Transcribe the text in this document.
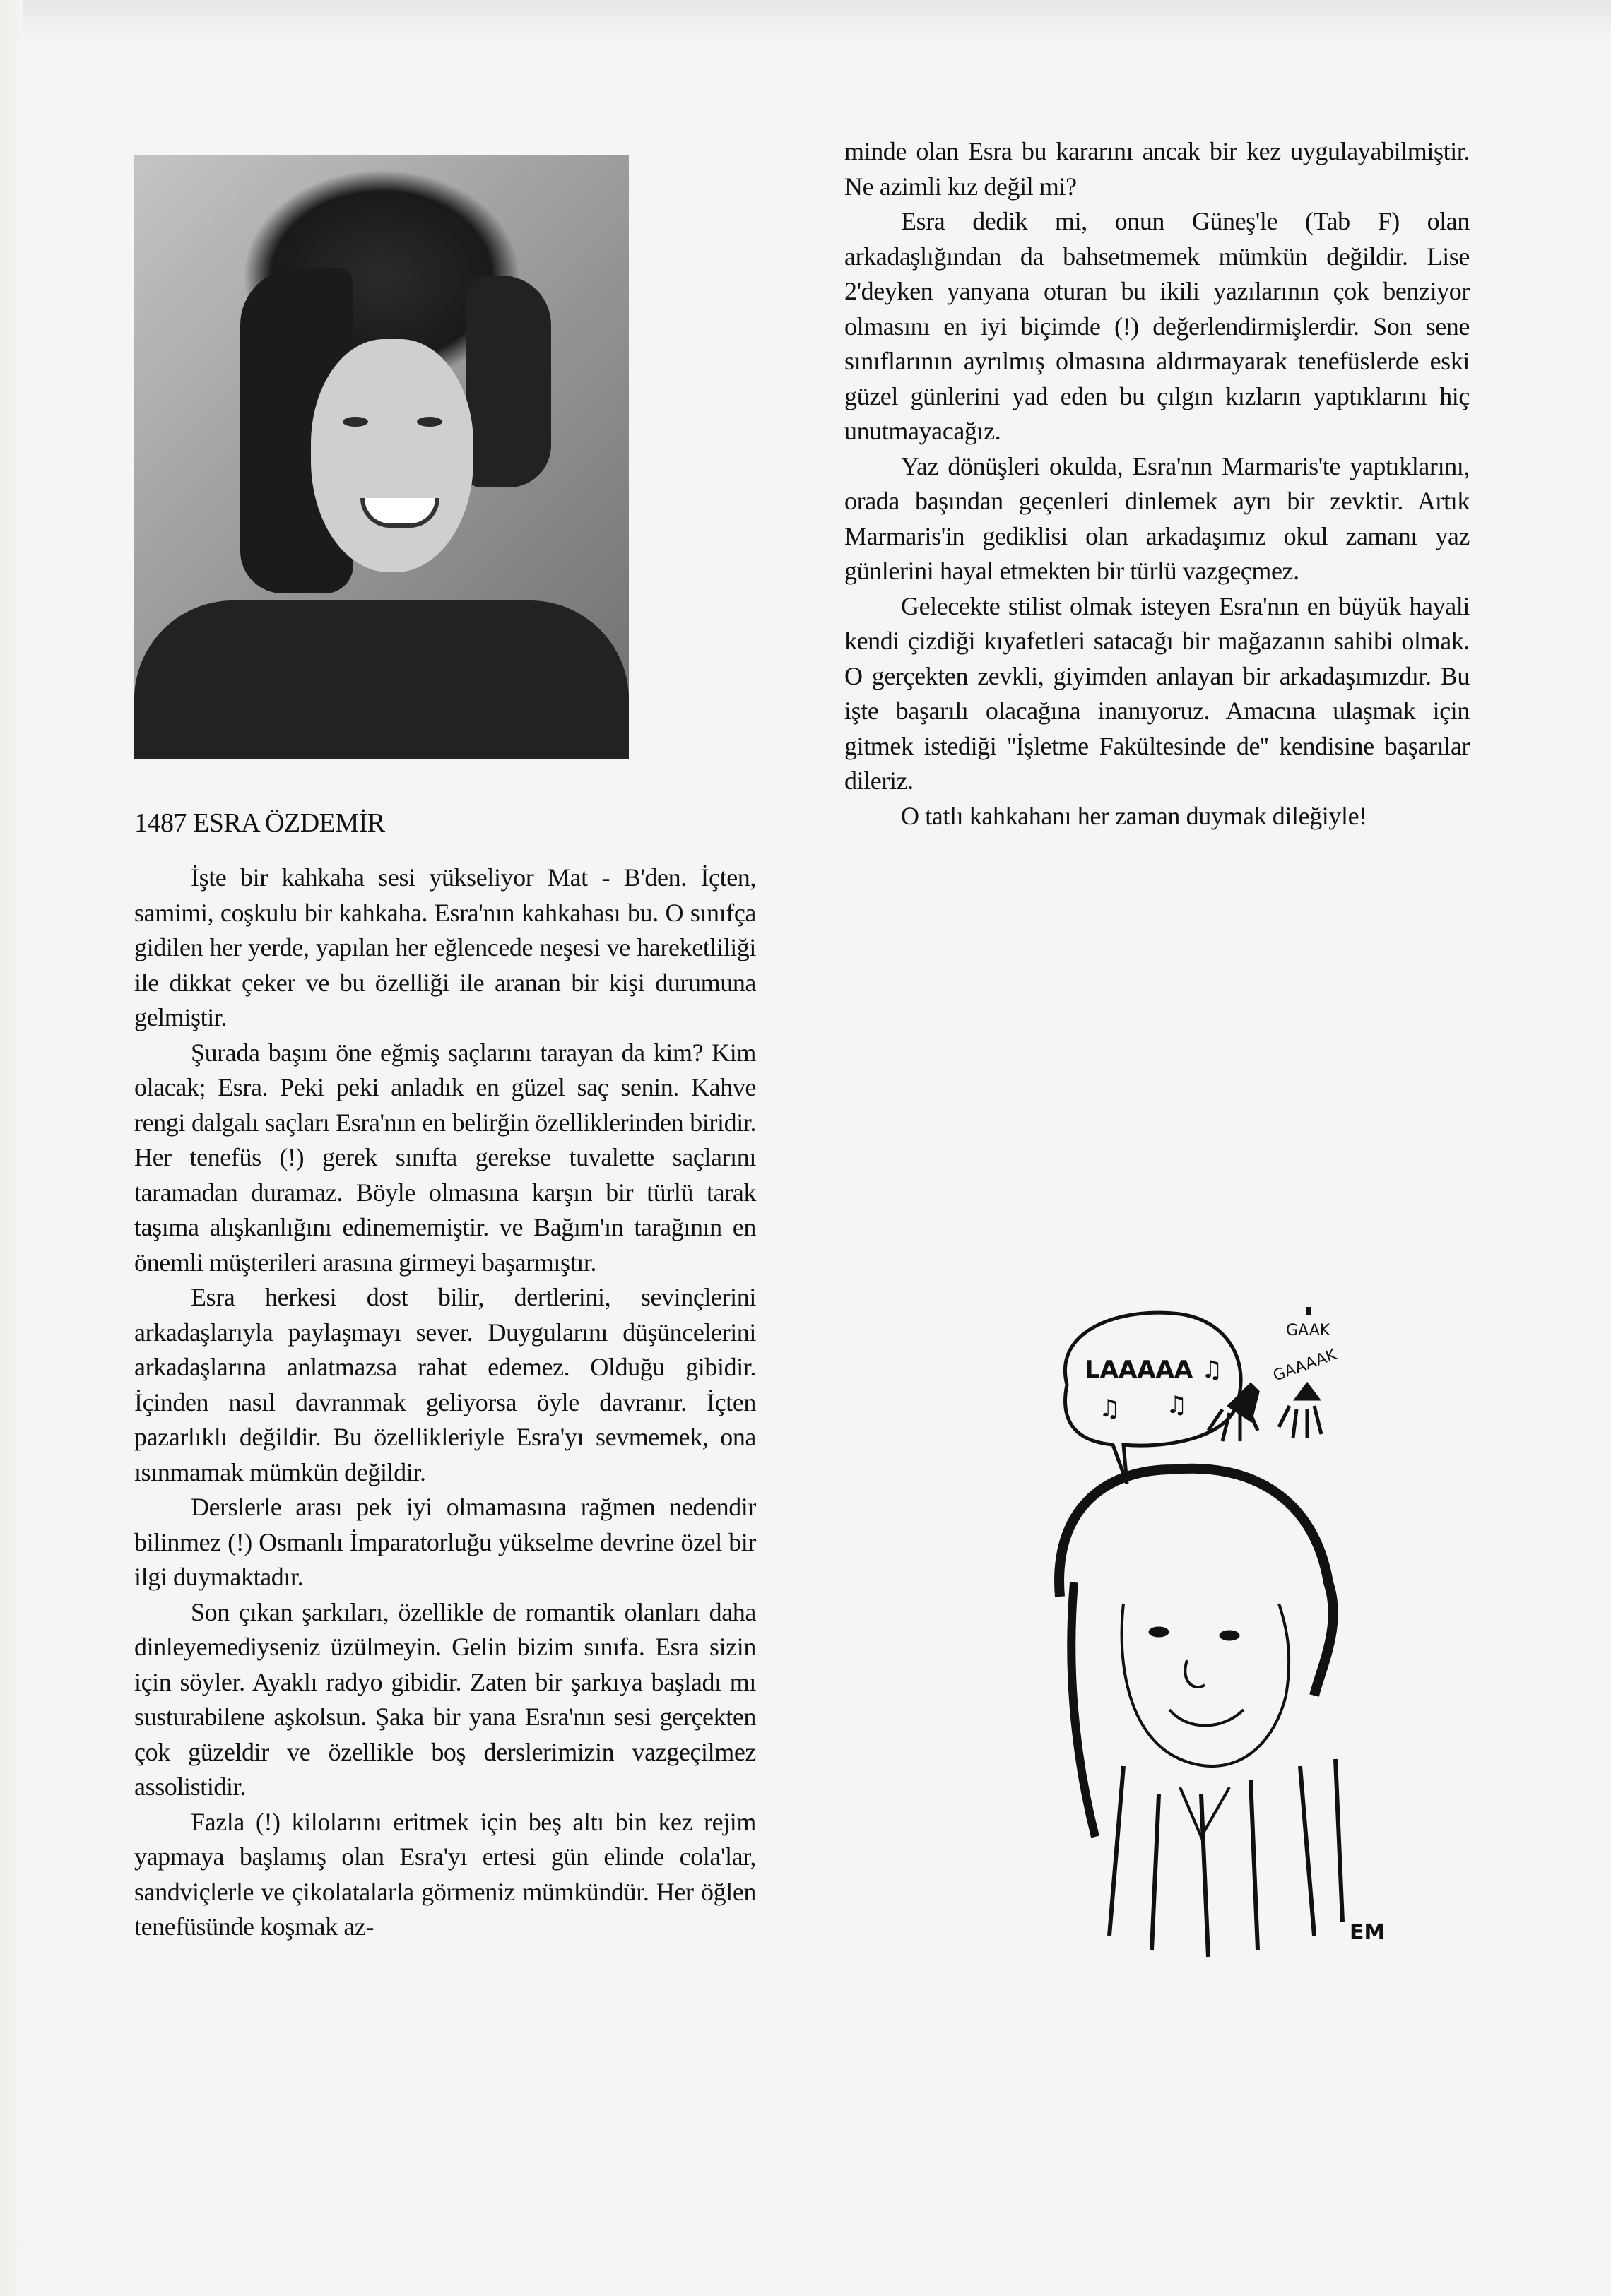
1487 ESRA ÖZDEMİR

İşte bir kahkaha sesi yükseliyor Mat - B'den. İçten, samimi, coşkulu bir kahkaha. Esra'nın kahkahası bu. O sınıfça gidilen her yerde, yapılan her eğlencede neşesi ve hareketliliği ile dikkat çeker ve bu özelliği ile aranan bir kişi durumuna gelmiştir.

Şurada başını öne eğmiş saçlarını tarayan da kim? Kim olacak; Esra. Peki peki anladık en güzel saç senin. Kahve rengi dalgalı saçları Esra'nın en belirğin özelliklerinden biridir. Her tenefüs (!) gerek sınıfta gerekse tuvalette saçlarını taramadan duramaz. Böyle olmasına karşın bir türlü tarak taşıma alışkanlığını edinememiştir. ve Bağım'ın tarağının en önemli müşterileri arasına girmeyi başarmıştır.

Esra herkesi dost bilir, dertlerini, sevinçlerini arkadaşlarıyla paylaşmayı sever. Duygularını düşüncelerini arkadaşlarına anlatmazsa rahat edemez. Olduğu gibidir. İçinden nasıl davranmak geliyorsa öyle davranır. İçten pazarlıklı değildir. Bu özellikleriyle Esra'yı sevmemek, ona ısınmamak mümkün değildir.

Derslerle arası pek iyi olmamasına rağmen nedendir bilinmez (!) Osmanlı İmparatorluğu yükselme devrine özel bir ilgi duymaktadır.

Son çıkan şarkıları, özellikle de romantik olanları daha dinleyemediyseniz üzülmeyin. Gelin bizim sınıfa. Esra sizin için söyler. Ayaklı radyo gibidir. Zaten bir şarkıya başladı mı susturabilene aşkolsun. Şaka bir yana Esra'nın sesi gerçekten çok güzeldir ve özellikle boş derslerimizin vazgeçilmez assolistidir.

Fazla (!) kilolarını eritmek için beş altı bin kez rejim yapmaya başlamış olan Esra'yı ertesi gün elinde cola'lar, sandviçlerle ve çikolatalarla görmeniz mümkündür. Her öğlen tenefüsünde koşmak az-

minde olan Esra bu kararını ancak bir kez uygulayabilmiştir. Ne azimli kız değil mi?

Esra dedik mi, onun Güneş'le (Tab F) olan arkadaşlığından da bahsetmemek mümkün değildir. Lise 2'deyken yanyana oturan bu ikili yazılarının çok benziyor olmasını en iyi biçimde (!) değerlendirmişlerdir. Son sene sınıflarının ayrılmış olmasına aldırmayarak tenefüslerde eski güzel günlerini yad eden bu çılgın kızların yaptıklarını hiç unutmayacağız.

Yaz dönüşleri okulda, Esra'nın Marmaris'te yaptıklarını, orada başından geçenleri dinlemek ayrı bir zevktir. Artık Marmaris'in gediklisi olan arkadaşımız okul zamanı yaz günlerini hayal etmekten bir türlü vazgeçmez.

Gelecekte stilist olmak isteyen Esra'nın en büyük hayali kendi çizdiği kıyafetleri satacağı bir mağazanın sahibi olmak. O gerçekten zevkli, giyimden anlayan bir arkadaşımızdır. Bu işte başarılı olacağına inanıyoruz. Amacına ulaşmak için gitmek istediği ''İşletme Fakültesinde de'' kendisine başarılar dileriz.

O tatlı kahkahanı her zaman duymak dileğiyle!

LAAAAA
♫ ♫
♫
GAAK
GAAAAK
EM
